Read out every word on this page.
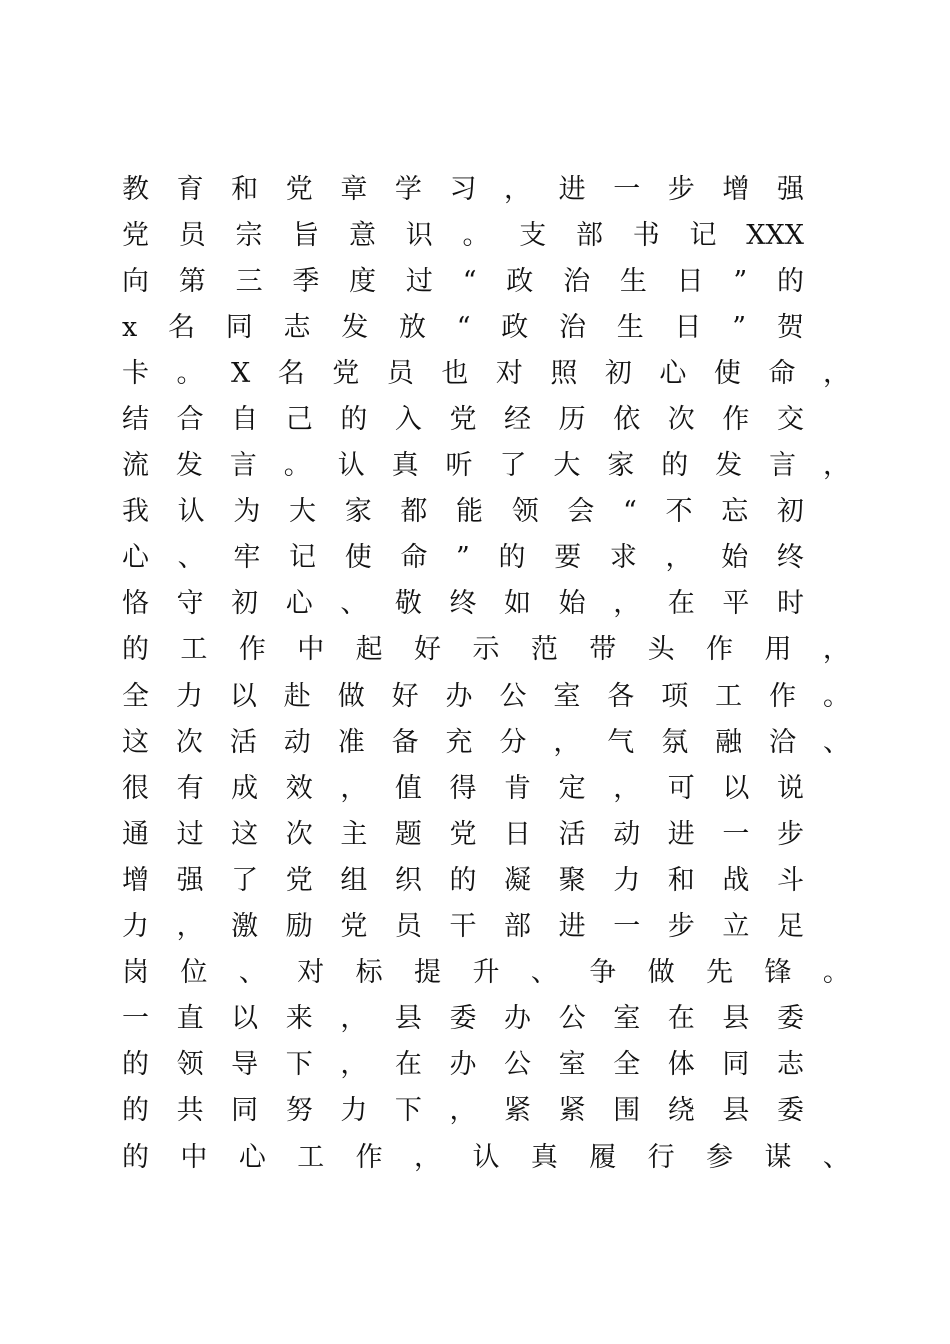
教 育 和 党 章 学 习 ， 进 一 步 增 强
党 员 宗 旨 意 识 。 支 部 书 记 XXX
向 第 三 季 度 过 “ 政 治 生 日 ” 的
x 名 同 志 发 放 “ 政 治 生 日 ” 贺
卡 。 X 名 党 员 也 对 照 初 心 使 命 ，
结 合 自 己 的 入 党 经 历 依 次 作 交
流 发 言 。 认 真 听 了 大 家 的 发 言 ，
我 认 为 大 家 都 能 领 会 “ 不 忘 初
心 、 牢 记 使 命 ” 的 要 求 ， 始 终
恪 守 初 心 、 敬 终 如 始 ， 在 平 时
的 工 作 中 起 好 示 范 带 头 作 用 ，
全 力 以 赴 做 好 办 公 室 各 项 工 作 。
这 次 活 动 准 备 充 分 ， 气 氛 融 洽 、
很 有 成 效 ， 值 得 肯 定 ， 可 以 说
通 过 这 次 主 题 党 日 活 动 进 一 步
增 强 了 党 组 织 的 凝 聚 力 和 战 斗
力 ， 激 励 党 员 干 部 进 一 步 立 足
岗 位 、 对 标 提 升 、 争 做 先 锋 。
一 直 以 来 ， 县 委 办 公 室 在 县 委
的 领 导 下 ， 在 办 公 室 全 体 同 志
的 共 同 努 力 下 ， 紧 紧 围 绕 县 委
的 中 心 工 作 ， 认 真 履 行 参 谋 、
